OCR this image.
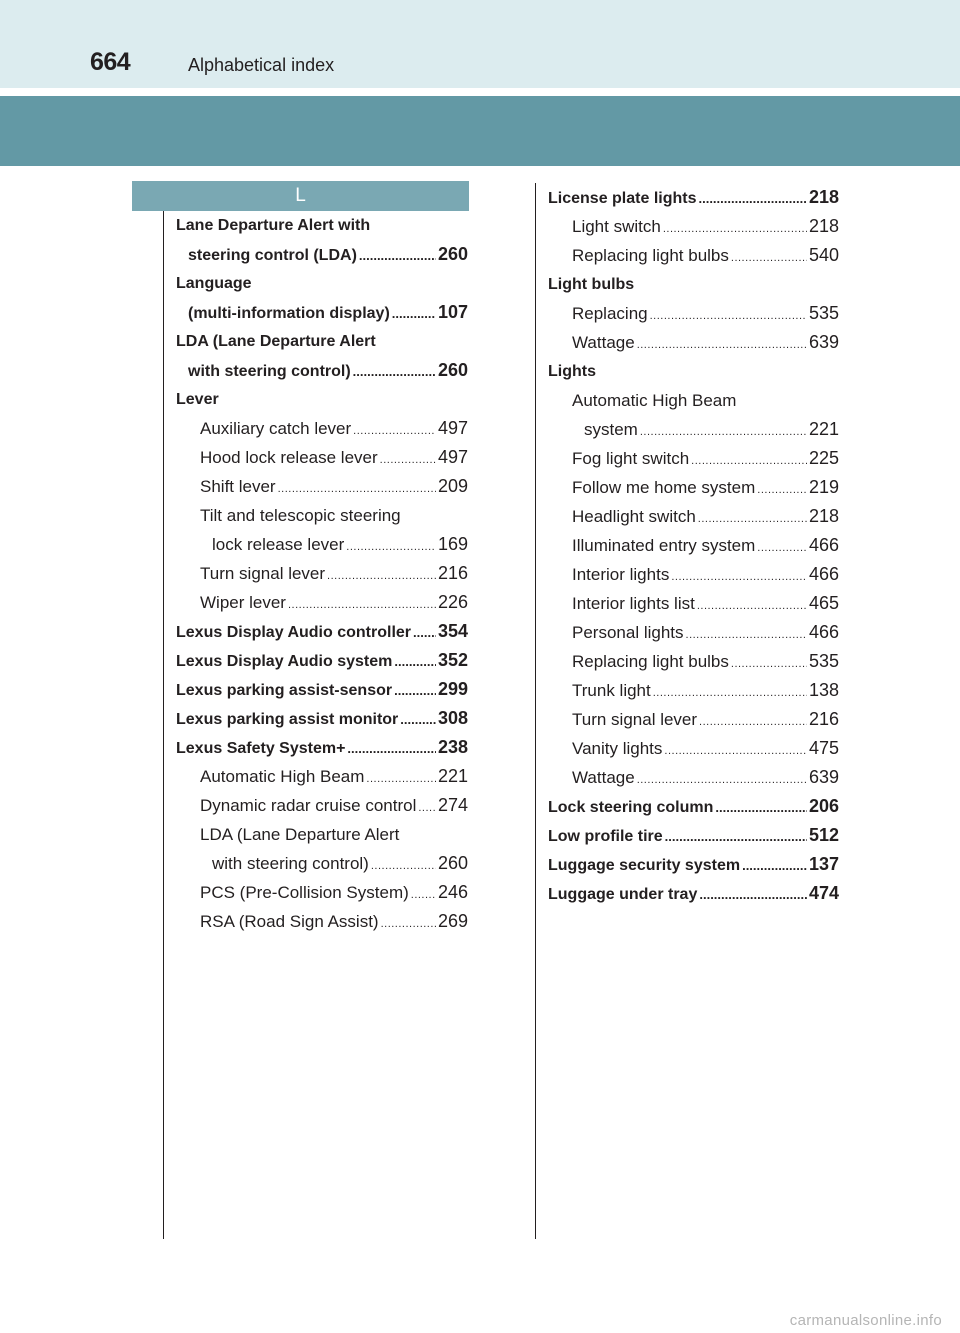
664	Alphabetical index
L
Lane Departure Alert with
steering control (LDA) .....	260
Language
(multi-information display) .....	107
LDA (Lane Departure Alert
with steering control) .....	260
Lever
Auxiliary catch lever .....	497
Hood lock release lever .....	497
Shift lever .....	209
Tilt and telescopic steering
lock release lever .....	169
Turn signal lever .....	216
Wiper lever .....	226
Lexus Display Audio controller ..... 354
Lexus Display Audio system .....	352
Lexus parking assist-sensor .....	299
Lexus parking assist monitor ..... 308
Lexus Safety System+ .....	238
Automatic High Beam .....	221
Dynamic radar cruise control ..... 274
LDA (Lane Departure Alert
with steering control) .....	260
PCS (Pre-Collision System) ..... 246
RSA (Road Sign Assist) .....	269
License plate lights .....	218
Light switch .....	218
Replacing light bulbs .....	540
Light bulbs
Replacing .....	535
Wattage .....	639
Lights
Automatic High Beam
system .....	221
Fog light switch .....	225
Follow me home system .....	219
Headlight switch .....	218
Illuminated entry system .....	466
Interior lights .....	466
Interior lights list .....	465
Personal lights .....	466
Replacing light bulbs .....	535
Trunk light .....	138
Turn signal lever .....	216
Vanity lights .....	475
Wattage .....	639
Lock steering column .....	206
Low profile tire .....	512
Luggage security system .....	137
Luggage under tray .....	474
carmanualsonline.info
